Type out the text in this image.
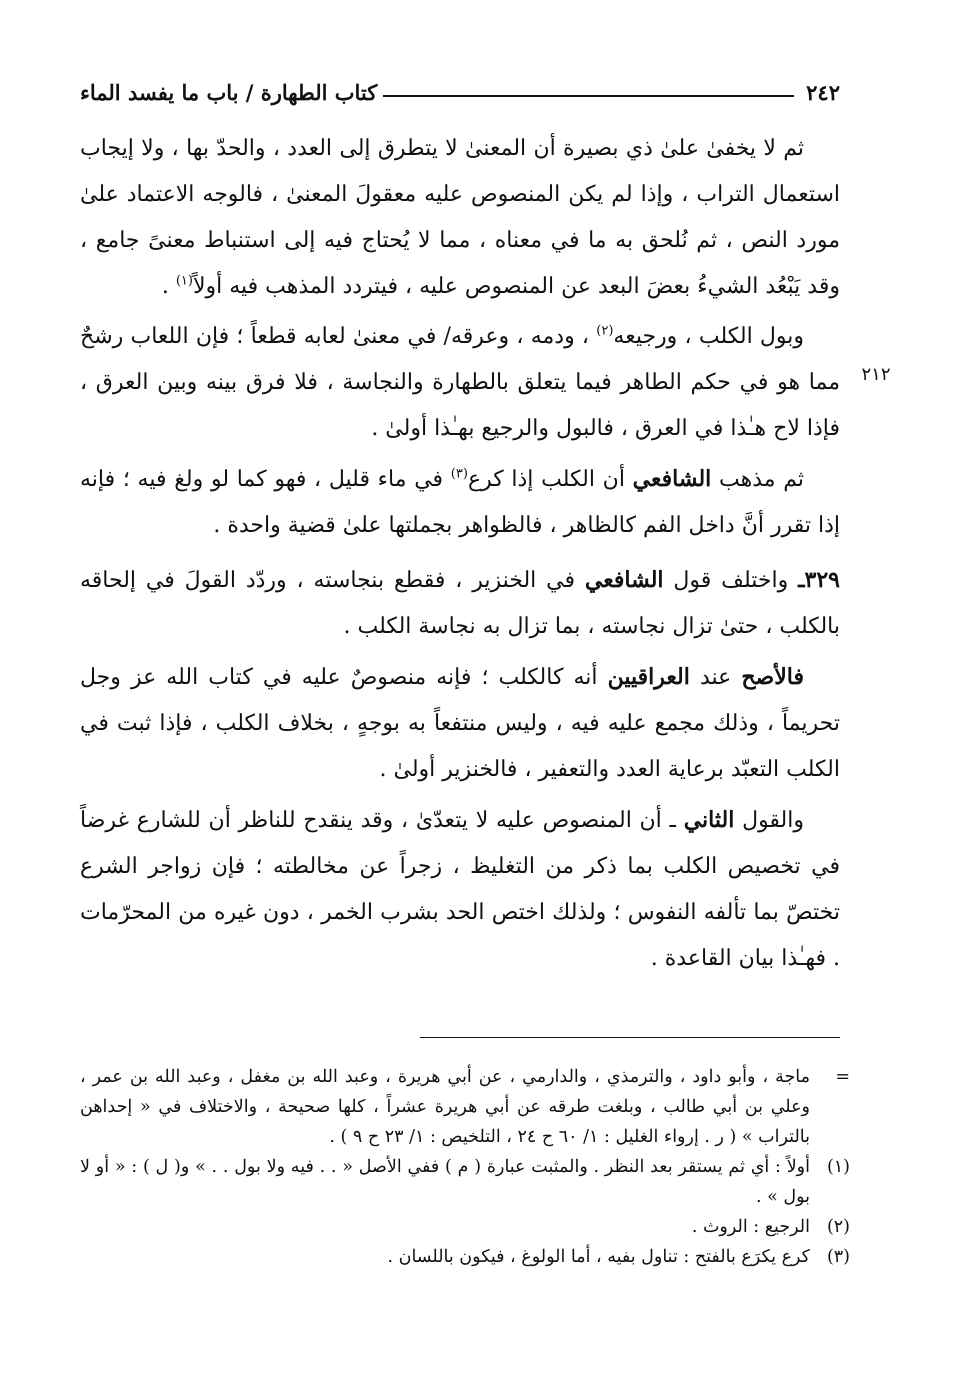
٢٤٢
كتاب الطهارة / باب ما يفسد الماء
٢١٢

ثم لا يخفىٰ علىٰ ذي بصيرة أن المعنىٰ لا يتطرق إلى العدد ، والحدّ بها ، ولا إيجاب استعمال التراب ، وإذا لم يكن المنصوص عليه معقولَ المعنىٰ ، فالوجه الاعتماد علىٰ مورد النص ، ثم نُلحق به ما في معناه ، مما لا يُحتاج فيه إلى استنباط معنىً جامع ، وقد يَبْعُد الشيءُ بعضَ البعد عن المنصوص عليه ، فيتردد المذهب فيه أولاً$^{(١)}$ .

وبول الكلب ، ورجيعه$^{(٢)}$ ، ودمه ، وعرقه/ في معنىٰ لعابه قطعاً ؛ فإن اللعاب رشحٌ مما هو في حكم الطاهر فيما يتعلق بالطهارة والنجاسة ، فلا فرق بينه وبين العرق ، فإذا لاح هـٰذا في العرق ، فالبول والرجيع بهـٰذا أولىٰ .

ثم مذهب الشافعي أن الكلب إذا كرع$^{(٣)}$ في ماء قليل ، فهو كما لو ولغ فيه ؛ فإنه إذا تقرر أنَّ داخل الفم كالظاهر ، فالظواهر بجملتها علىٰ قضية واحدة .

٣٢٩ـ واختلف قول الشافعي في الخنزير ، فقطع بنجاسته ، وردّد القولَ في إلحاقه بالكلب ، حتىٰ تزال نجاسته ، بما تزال به نجاسة الكلب .

فالأصح عند العراقيين أنه كالكلب ؛ فإنه منصوصٌ عليه في كتاب الله عز وجل تحريماً ، وذلك مجمع عليه فيه ، وليس منتفعاً به بوجهٍ ، بخلاف الكلب ، فإذا ثبت في الكلب التعبّد برعاية العدد والتعفير ، فالخنزير أولىٰ .

والقول الثاني ـ أن المنصوص عليه لا يتعدّىٰ ، وقد ينقدح للناظر أن للشارع غرضاً في تخصيص الكلب بما ذكر من التغليظ ، زجراً عن مخالطته ؛ فإن زواجر الشرع تختصّ بما تألفه النفوس ؛ ولذلك اختص الحد بشرب الخمر ، دون غيره من المحرّمات . فهـٰذا بيان القاعدة .

=
ماجة ، وأبو داود ، والترمذي ، والدارمي ، عن أبي هريرة ، وعبد الله بن مغفل ، وعبد الله بن عمر ، وعلي بن أبي طالب ، وبلغت طرقه عن أبي هريرة عشراً ، كلها صحيحة ، والاختلاف في « إحداهن بالتراب » ( ر . إرواء الغليل : ١/ ٦٠ ح ٢٤ ، التلخيص : ١/ ٢٣ ح ٩ ) .
(١)
أولاً : أي ثم يستقر بعد النظر . والمثبت عبارة ( م ) ففي الأصل « . . فيه ولا بول . . » و( ل ) : « أو لا بول » .
(٢)
الرجيع : الروث .
(٣)
كرع يكرَع بالفتح : تناول بفيه ، أما الولوغ ، فيكون باللسان .
